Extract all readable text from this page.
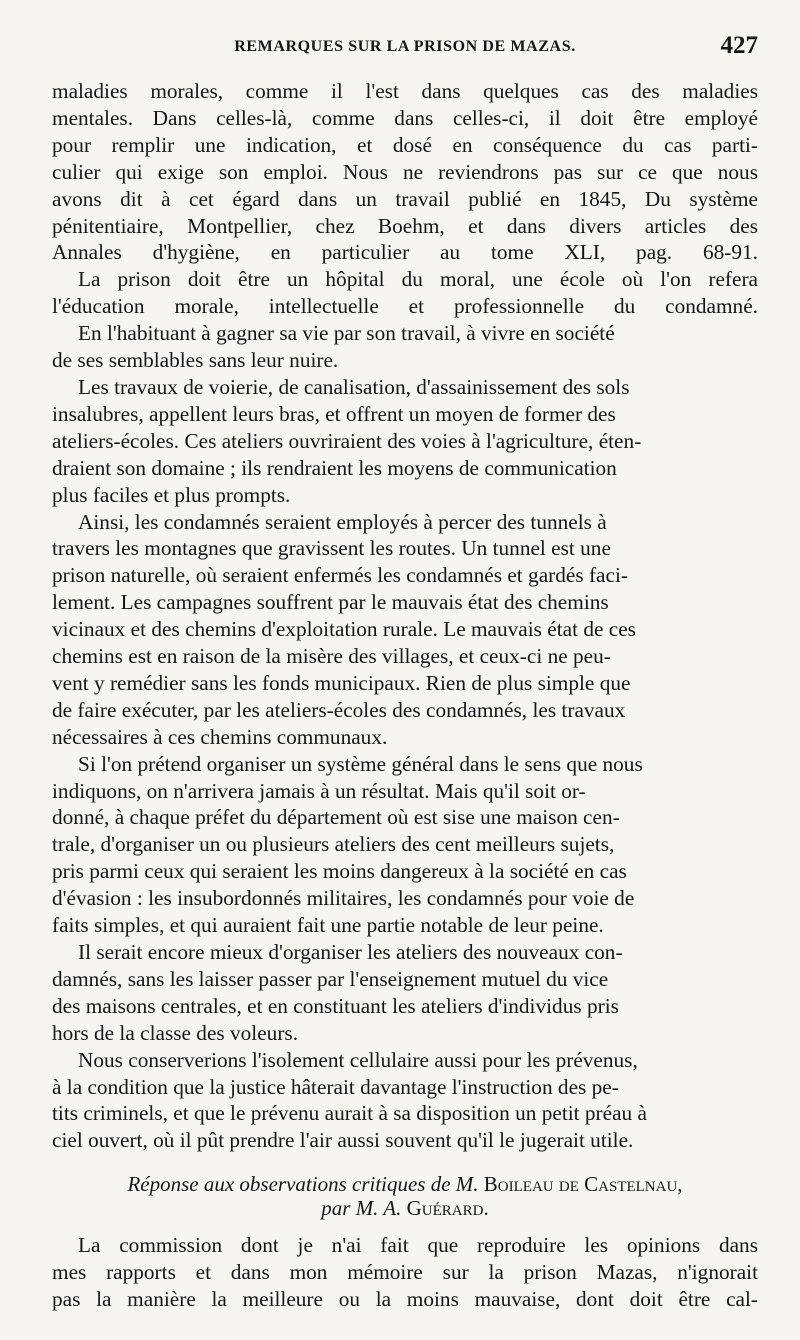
REMARQUES SUR LA PRISON DE MAZAS.	427

maladies morales, comme il l'est dans quelques cas des maladies
mentales. Dans celles-là, comme dans celles-ci, il doit être employé
pour remplir une indication, et dosé en conséquence du cas parti-
culier qui exige son emploi. Nous ne reviendrons pas sur ce que nous
avons dit à cet égard dans un travail publié en 1845, Du système
pénitentiaire, Montpellier, chez Boehm, et dans divers articles des
Annales d'hygiène, en particulier au tome XLI, pag. 68-91.

La prison doit être un hôpital du moral, une école où l'on refera
l'éducation morale, intellectuelle et professionnelle du condamné.

En l'habituant à gagner sa vie par son travail, à vivre en société
de ses semblables sans leur nuire.

Les travaux de voierie, de canalisation, d'assainissement des sols
insalubres, appellent leurs bras, et offrent un moyen de former des
ateliers-écoles. Ces ateliers ouvriraient des voies à l'agriculture, éten-
draient son domaine ; ils rendraient les moyens de communication
plus faciles et plus prompts.

Ainsi, les condamnés seraient employés à percer des tunnels à
travers les montagnes que gravissent les routes. Un tunnel est une
prison naturelle, où seraient enfermés les condamnés et gardés faci-
lement. Les campagnes souffrent par le mauvais état des chemins
vicinaux et des chemins d'exploitation rurale. Le mauvais état de ces
chemins est en raison de la misère des villages, et ceux-ci ne peu-
vent y remédier sans les fonds municipaux. Rien de plus simple que
de faire exécuter, par les ateliers-écoles des condamnés, les travaux
nécessaires à ces chemins communaux.

Si l'on prétend organiser un système général dans le sens que nous
indiquons, on n'arrivera jamais à un résultat. Mais qu'il soit or-
donné, à chaque préfet du département où est sise une maison cen-
trale, d'organiser un ou plusieurs ateliers des cent meilleurs sujets,
pris parmi ceux qui seraient les moins dangereux à la société en cas
d'évasion : les insubordonnés militaires, les condamnés pour voie de
faits simples, et qui auraient fait une partie notable de leur peine.

Il serait encore mieux d'organiser les ateliers des nouveaux con-
damnés, sans les laisser passer par l'enseignement mutuel du vice
des maisons centrales, et en constituant les ateliers d'individus pris
hors de la classe des voleurs.

Nous conserverions l'isolement cellulaire aussi pour les prévenus,
à la condition que la justice hâterait davantage l'instruction des pe-
tits criminels, et que le prévenu aurait à sa disposition un petit préau à
ciel ouvert, où il pût prendre l'air aussi souvent qu'il le jugerait utile.

Réponse aux observations critiques de M. Boileau de Castelnau,
par M. A. Guérard.

La commission dont je n'ai fait que reproduire les opinions dans
mes rapports et dans mon mémoire sur la prison Mazas, n'ignorait
pas la manière la meilleure ou la moins mauvaise, dont doit être cal-
